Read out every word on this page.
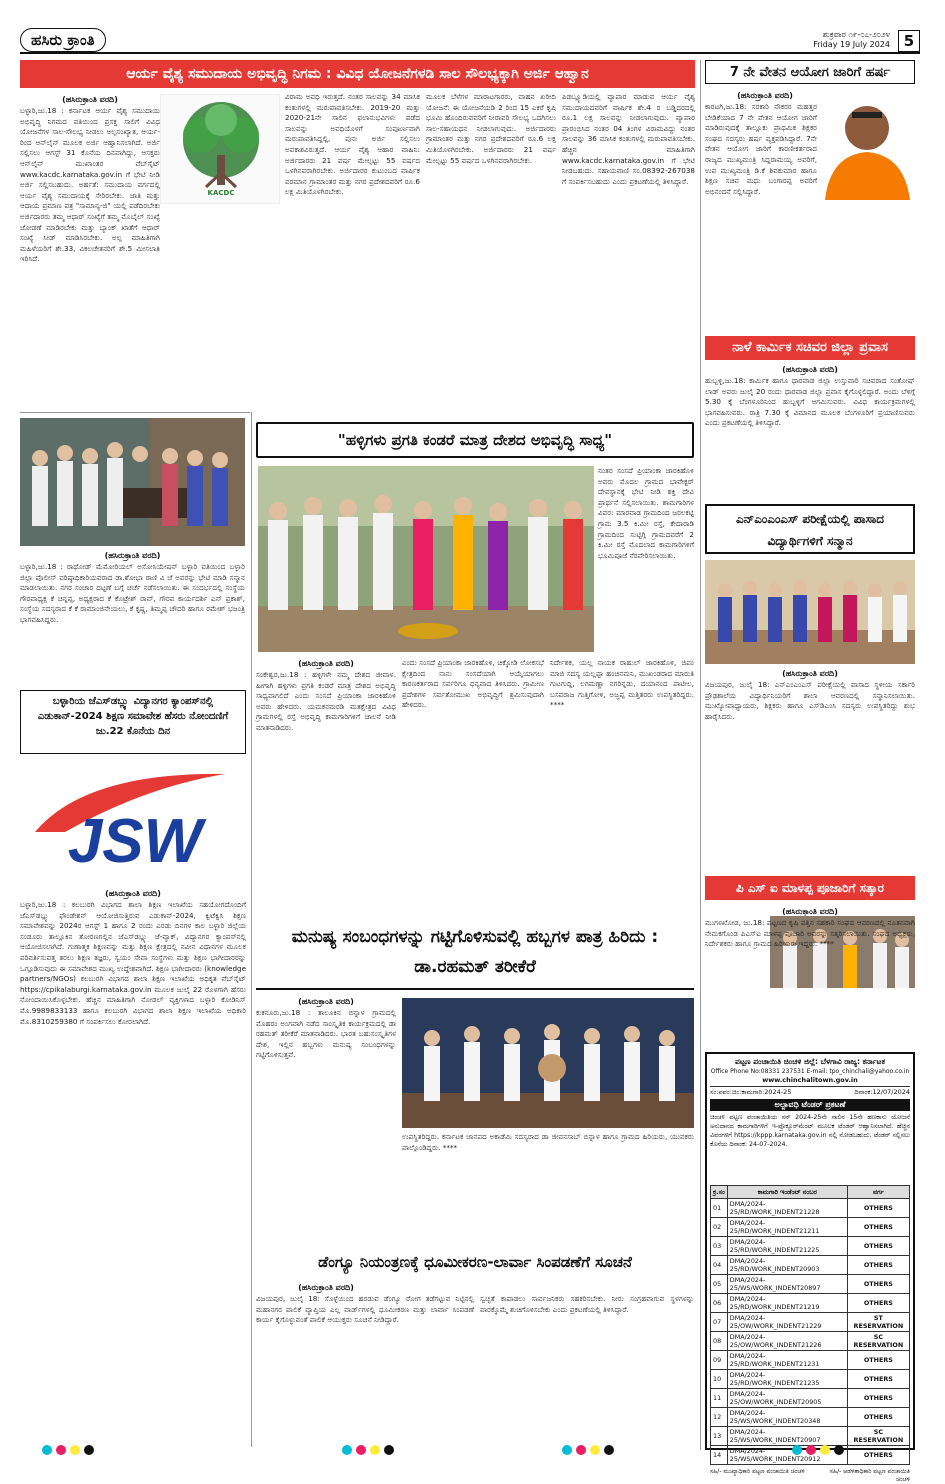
ಹಸಿರು ಕ್ರಾಂತಿ	ಶುಕ್ರವಾರ ೧೯-೦೭-೨೦೨೪
Friday 19 July 2024 5
ಆರ್ಯ ವೈಶ್ಯ ಸಮುದಾಯ ಅಭಿವೃದ್ಧಿ ನಿಗಮ : ವಿವಿಧ ಯೋಜನೆಗಳಡಿ ಸಾಲ ಸೌಲಭ್ಯಕ್ಕಾಗಿ ಅರ್ಜಿ ಆಹ್ವಾನ
(ಹಸಿರುಕ್ರಾಂತಿ ವರದಿ)
ಬಳ್ಳಾರಿ,ಜು.18 : ಕರ್ನಾಟಕ ಆರ್ಯ ವೈಶ್ಯ ಸಮುದಾಯ ಅಭಿವೃದ್ಧಿ ನಿಗಮದ ವತಿಯಿಂದ ಪ್ರಸಕ್ತ ಸಾಲಿಗೆ ವಿವಿಧ ಯೋಜನೆಗಳ ಸಾಲ-ಸೌಲಭ್ಯ ನೀಡಲು ಅಲ್ಪಸಂಖ್ಯಾತ, ಆರ್ಯ-ರಿಂದ ಆನ್‌ಲೈನ್ ಮೂಲಕ ಅರ್ಜಿ ಆಹ್ವಾನಿಸಲಾಗಿದೆ. ಅರ್ಜಿ ಸಲ್ಲಿಸಲು ಆಗಸ್ಟ್ 31 ಕೊನೆಯ ದಿನವಾಗಿದ್ದು, ಆಸಕ್ತರು ಆನ್‌ಲೈನ್ ಮುಖಾಂತರ ವೆಬ್‌ಸೈಟ್ www.kacdc.karnataka.gov.in ಗೆ ಭೇಟಿ ನೀಡಿ ಅರ್ಜಿ ಸಲ್ಲಿಸಬಹುದು. ಅರ್ಹತೆ: ಸಮುದಾಯ ವರ್ಗದಲ್ಲಿ ಆರ್ಯ ವೈಶ್ಯ ಸಮುದಾಯಕ್ಕೆ ಸೇರಿರಬೇಕು. ಜಾತಿ ಮತ್ತು ಆದಾಯ ಪ್ರಮಾಣ ಪತ್ರ "ಸಾಮಾನ್ಯ-ಜಿ" ಯಲ್ಲಿ ಪಡೆದಿರಬೇಕು ಅರ್ಜಿದಾರರು ತಮ್ಮ ಆಧಾರ್ ಸಂಖ್ಯೆಗೆ ತಮ್ಮ ಮೊಬೈಲ್ ಸಂಖ್ಯೆ ಜೋಡಣೆ ಮಾಡಿರಬೇಕು ಮತ್ತು ಬ್ಯಾಂಕ್ ಖಾತೆಗೆ ಆಧಾರ್ ಸಂಖ್ಯೆ ಸೀಡ್ ಮಾಡಿಸಿರಬೇಕು. ಅಲ್ಪ ಮಾಹಿತಿಗಾಗಿ ಮಹಿಳೆಯರಿಗೆ ಶೇ.33, ವಿಕಲಚೇತನರಿಗೆ ಶೇ.5 ಮೀಸಲಾತಿ ಇರಿಸಿದೆ.
KACDC
ವಿರಾಮ ಅವಧಿ ಇರುತ್ತದೆ. ನಂತರ ಸಾಲವನ್ನು 34 ಮಾಸಿಕ ಕಂತುಗಳಲ್ಲಿ ಮರುಪಾವತಿಸಬೇಕು. 2019-20 ಮತ್ತು 2020-21ನೇ ಸಾಲಿನ ಫಲಾನುಭವಿಗಳು ಪಡೆದ ಸಾಲವನ್ನು ಅವಧಿಯೊಳಗೆ ಸಂಪೂರ್ಣವಾಗಿ ಮರುಪಾವತಿಸಿದ್ದಲ್ಲಿ, ಪುನಃ ಅರ್ಜಿ ಸಲ್ಲಿಸಲು ಅವಕಾಶವಿರುತ್ತದೆ. ಆರ್ಯ ವೈಶ್ಯ ಆಹಾರ ವಾಹಿನಿ: ಅರ್ಜಿದಾರರು 21 ವರ್ಷ ಮೇಲ್ಪಟ್ಟು 55 ವರ್ಷದ ಒಳಗಿನವರಾಗಿರಬೇಕು. ಅರ್ಜಿದಾರರ ಕುಟುಂಬದ ವಾರ್ಷಿಕ ವರಮಾನ ಗ್ರಾಮಾಂತರ ಮತ್ತು ನಗರ ಪ್ರದೇಶದವರಿಗೆ ರೂ.6 ಲಕ್ಷ ಮಿತಿಯೊಳಗಿರಬೇಕು.
ಮೂಲಕ ಬೆಳೆಗಳ ಮಾರಾಟಗಾರರು, ವಾಹನ ಖರೀದಿ ಯೋಜನೆ: ಈ ಯೋಜನೆಯಡಿ 2 ರಿಂದ 15 ಎಕರೆ ಕೃಷಿ ಭೂಮಿ ಹೊಂದಿರುವವರಿಗೆ ನೀರಾವರಿ ಸೌಲಭ್ಯ ಒದಗಿಸಲು ಸಾಲ-ಸಹಾಯಧನ ನೀಡಲಾಗುವುದು. ಅರ್ಜಿದಾರರು ಗ್ರಾಮಾಂತರ ಮತ್ತು ನಗರ ಪ್ರದೇಶದವರಿಗೆ ರೂ.6 ಲಕ್ಷ ಮಿತಿಯೊಳಗಿರಬೇಕು. ಅರ್ಜಿದಾರರು 21 ವರ್ಷ ಮೇಲ್ಪಟ್ಟು 55 ವರ್ಷದ ಒಳಗಿನವರಾಗಿರಬೇಕು.
ಪಿಡಬ್ಲ್ಯೂಡಿಯಲ್ಲಿ ವ್ಯಾಪಾರ ಮಾಡುವ ಆರ್ಯ ವೈಶ್ಯ ಸಮುದಾಯದವರಿಗೆ ವಾರ್ಷಿಕ ಶೇ.4 ರ ಬಡ್ಡಿದರದಲ್ಲಿ ರೂ.1 ಲಕ್ಷ ಸಾಲವನ್ನು ನೀಡಲಾಗುವುದು. ವ್ಯಾಪಾರ ಪ್ರಾರಂಭಿಸಿದ ನಂತರ 04 ತಿಂಗಳ ವಿರಾಮವಿದ್ದು ನಂತರ ಸಾಲವನ್ನು 36 ಮಾಸಿಕ ಕಂತುಗಳಲ್ಲಿ ಮರುಪಾವತಿಸಬೇಕು. ಹೆಚ್ಚಿನ ಮಾಹಿತಿಗಾಗಿ www.kacdc.karnataka.gov.in ಗೆ ಭೇಟಿ ನೀಡಬಹುದು. ಸಹಾಯವಾಣಿ ಸಂ.08392-267038 ಗೆ ಸಂಪರ್ಕಿಸಬಹುದು ಎಂದು ಪ್ರಕಟಣೆಯಲ್ಲಿ ತಿಳಿಸಿದ್ದಾರೆ.
(ಹಸಿರುಕ್ರಾಂತಿ ವರದಿ)
ಬಳ್ಳಾರಿ,ಜು.18 : ರಾಥೋಡ್ ಮೆಮೋರಿಯಲ್ ಅಸೋಸಿಯೇಷನ್ ಬಳ್ಳಾರಿ ವತಿಯಿಂದ ಬಳ್ಳಾರಿ ಜಿಲ್ಲಾ ಪೊಲೀಸ್ ವರಿಷ್ಠಾಧಿಕಾರಿಯವರಾದ ಡಾ.ಶೋಭಾ ರಾಣಿ ವಿ ಜೆ ಅವರನ್ನು ಭೇಟಿ ಮಾಡಿ ಸನ್ಮಾನ ಮಾಡಲಾಯಿತು. ನಗರ ಸಂಚಾರ ದಟ್ಟಣೆ ಬಗ್ಗೆ ಚರ್ಚೆ ನಡೆಸಲಾಯಿತು. ಈ ಸಂದರ್ಭದಲ್ಲಿ ಸಂಸ್ಥೆಯ ಗೌರವಾಧ್ಯಕ್ಷ ಕೆ ಚನ್ನಪ್ಪ, ಅಧ್ಯಕ್ಷರಾದ ಕೆ ಕೊಟ್ರೇಶ್ ರಾವ್, ಗೌರವ ಕಾರ್ಯದರ್ಶಿ ಎನ್ ಪ್ರಕಾಶ್, ಸಂಸ್ಥೆಯ ಸದಸ್ಯರಾದ ಕೆ ಕೆ ರಾಮಾಂಜಿನೇಯಲು, ಕೆ ಕೃಷ್ಣ, ತಿಮ್ಮಪ್ಪ ಚೌದರಿ ಹಾಗೂ ರಮೇಶ್ ಭಜಂತ್ರಿ ಭಾಗವಹಿಸಿದ್ದರು.
ಬಳ್ಳಾರಿಯ ಜೆಎಸ್‌ಡಬ್ಲ್ಯು ವಿದ್ಯಾನಗರ ಕ್ಯಾಂಪಸ್‌ನಲ್ಲಿ ಎಡುಕಾನ್-2024 ಶಿಕ್ಷಣ ಸಮಾವೇಶ ಹೆಸರು ನೋಂದಣಿಗೆ ಜು.22 ಕೊನೆಯ ದಿನ
JSW
(ಹಸಿರುಕ್ರಾಂತಿ ವರದಿ)
ಬಳ್ಳಾರಿ,ಜು.18 : ಕಲಬುರಗಿ ವಿಭಾಗದ ಶಾಲಾ ಶಿಕ್ಷಣ ಇಲಾಖೆಯ ಸಹಯೋಗದೊಂದಿಗೆ ಜೆಎಸ್‌ಡಬ್ಲ್ಯು ಫೌಂಡೇಶನ್ ಆಯೋಜಿಸುತ್ತಿರುವ ಎಡುಕಾನ್-2024, ಕ್ವಿಟೆಕ್ವಿಸಿ ಶಿಕ್ಷಣ ಸಮಾವೇಶವನ್ನು 2024ರ ಆಗಸ್ಟ್ 1 ಹಾಗೂ 2 ರಂದು ಎರಡು ದಿನಗಳ ಕಾಲ ಬಳ್ಳಾರಿ ಜಿಲ್ಲೆಯ ಸಂಡೂರು ತಾಲ್ಲೂಕಿನ ತೋರಣಗಲ್ಲಿನ ಜೆಎಸ್‌ಡಬ್ಲ್ಯು ಜೆ-ವ್ಯಾಕ್, ವಿದ್ಯಾನಗರ ಕ್ಯಾಂಪಸ್‌ನಲ್ಲಿ ಆಯೋಜಿಸಲಾಗಿದೆ. ಗುಣಾತ್ಮಕ ಶಿಕ್ಷಣವನ್ನು ಮತ್ತು ಶಿಕ್ಷಣ ಕ್ಷೇತ್ರದಲ್ಲಿ ನವೀನ ವಿಧಾನಗಳ ಮೂಲಕ ಪರಿವರ್ತಿಸುವತ್ತ ತರಲು ಶಿಕ್ಷಣ ತಜ್ಞರು, ಸ್ವಯಂ ಸೇವಾ ಸಂಸ್ಥೆಗಳು ಮತ್ತು ಶಿಕ್ಷಣ ಭಾಗೀದಾರರನ್ನು ಒಗ್ಗೂಡಿಸುವುದು ಈ ಸಮಾವೇಶದ ಮುಖ್ಯ ಉದ್ದೇಶವಾಗಿದೆ. ಶಿಕ್ಷಣ ಭಾಗೀದಾರರು (knowledge partners/NGOs) ಕಲಬುರಗಿ ವಿಭಾಗದ ಶಾಲಾ ಶಿಕ್ಷಣ ಇಲಾಖೆಯ ಅಧಿಕೃತ ವೆಬ್‌ಸೈಟ್ https://cpikalaburgi.karnataka.gov.in ಮೂಲಕ ಜುಲೈ 22 ರೊಳಗಾಗಿ ಹೆಸರು ನೋಂದಾಯಿಸಿಕೊಳ್ಳಬೇಕು. ಹೆಚ್ಚಿನ ಮಾಹಿತಿಗಾಗಿ ನೋಡಲ್ ವ್ಯಕ್ತಿಗಳಾದ ಬಳ್ಳಾರಿ ಕೋಡಿನಿಸ್ ಮೊ.9989833133 ಹಾಗೂ ಕಲಬುರಗಿ ವಿಭಾಗದ ಶಾಲಾ ಶಿಕ್ಷಣ ಇಲಾಖೆಯ ಅಧಿಕಾರಿ ಮೊ.8310259380 ಗೆ ಸಂಪರ್ಕಿಸಲು ಕೋರಲಾಗಿದೆ.
"ಹಳ್ಳಿಗಳು ಪ್ರಗತಿ ಕಂಡರೆ ಮಾತ್ರ ದೇಶದ ಅಭಿವೃದ್ಧಿ ಸಾಧ್ಯ"
ನಂತರ ಸಂಸದೆ ಪ್ರಿಯಾಂಕಾ ಜಾರಕಿಹೊಳಿ ಅವರು ಮೊದಲ ಗ್ರಾಮದ ಭಾವೇಕ್ಟರ್ ದೇವಸ್ಥಾನಕ್ಕೆ ಭೇಟಿ ನೀಡಿ ಶಕ್ತಿ ದೇವಿ ಪ್ರಾರ್ಥನೆ ಸಲ್ಲಿಸಲಾಯಿತು. ಶಾಮಗಾರಿಗಳ ವಿವರ: ಮಾರವಾಡ ಗ್ರಾಮದಿಂದ ಜರಲಕಟ್ಟಿ ಗ್ರಾಮ 3.5 ಕಿ.ಮೀ ರಸ್ತೆ, ಕೇದಾರಾಡಿ ಗ್ರಾಮದಿಂದ ಸುಟ್ಟಿಗ್ಗಿ ಗ್ರಾಮದವರೆಗೆ 2 ಕಿ.ಮೀ ರಸ್ತೆ ಮೊದಲಾದ ಕಾಮಗಾರಿಗಳಿಗೆ ಭೂಮಿಪೂಜೆ ನೆರವೇರಿಸಲಾಯಿತು.
(ಹಸಿರುಕ್ರಾಂತಿ ವರದಿ)
ಸಂಕೇಶ್ವರ,ಜು.18 : ಹಳ್ಳಿಗಳೇ ನಮ್ಮ ದೇಶದ ಜೀವಾಳ. ಹೀಗಾಗಿ ಹಳ್ಳಿಗಳು ಪ್ರಗತಿ ಕಂಡರೆ ಮಾತ್ರ ದೇಶದ ಅಭಿವೃದ್ಧಿ ಸಾಧ್ಯವಾಗಲಿದೆ ಎಂದು ಸಂಸದೆ ಪ್ರಿಯಾಂಕಾ ಜಾರಕಿಹೊಳಿ ಅವರು ಹೇಳಿದರು. ಯಮಕನಮರಡಿ ಮತಕ್ಷೇತ್ರದ ವಿವಿಧ ಗ್ರಾಮಗಳಲ್ಲಿ ರಸ್ತೆ ಅಭಿವೃದ್ಧಿ ಕಾಮಗಾರಿಗಳಿಗೆ ಚಾಲನೆ ನೀಡಿ ಮಾತನಾಡಿದರು.
ಎಂದು ಸಂಸದೆ ಪ್ರಿಯಾಂಕಾ ಜಾರಕಿಹೊಳಿ, ಚಿಕ್ಕೋಡಿ ಲೋಕಸಭೆ ಕ್ಷೇತ್ರದಿಂದ ನಾನು ಸಂಸದೆಯಾಗಿ ಆಯ್ಕೆಯಾಗಲು ಕಾರಣಕರ್ತರಾದ ಸರ್ವರಿಗೂ ಧನ್ಯವಾದ ತಿಳಿಸಿದರು. ಗ್ರಾಮೀಣ ಪ್ರದೇಶಗಳ ಸರ್ವತೋಮುಖ ಅಭಿವೃದ್ಧಿಗೆ ಶ್ರಮಿಸುವುದಾಗಿ ಹೇಳಿದರು.
ನಿರ್ದೇಶಕ, ಯಲ್ಲ ನಾಯಕ ರಾಹುಲ್ ಜಾರಕಿಹೊಳಿ, ಜಿಪಂ ಮಾಜಿ ಸದಸ್ಯ ಯಲ್ಲಪ್ಪಾ ಹಂಚಿನಮನಿ, ಮುಖಂಡರಾದ ಮಾರುತಿ ಗುಟಗುದ್ದಿ, ಲಗಮಣ್ಣಾ ನಗರಿನ್ನಡು, ದಯಾನಂದ ಪಾಟೀಲ, ಬಸವರಾಜ ಗುತ್ತಿಗೋಳಿ, ಅಜ್ಜಪ್ಪ ಮತ್ತಿತರರು ಉಪಸ್ಥಿತರಿದ್ದರು. ****
ಮನುಷ್ಯ ಸಂಬಂಧಗಳನ್ನು ಗಟ್ಟಿಗೊಳಿಸುವಲ್ಲಿ ಹಬ್ಬಗಳ ಪಾತ್ರ ಹಿರಿದು : ಡಾ.ರಹಮತ್ ತರೀಕೆರೆ
(ಹಸಿರುಕ್ರಾಂತಿ ವರದಿ)
ಕುಕನೂರು,ಜು.18 : ತಾಲೂಕಿನ ಬಿನ್ನಾಳ ಗ್ರಾಮದಲ್ಲಿ ಮೊಹರಂ ಅಂಗವಾಗಿ ನಡೆದ ಸಾಂಸ್ಕೃತಿಕ ಕಾರ್ಯಕ್ರಮದಲ್ಲಿ ಡಾ ರಹಮತ್ ತರೀಕೆರೆ ಮಾತನಾಡಿದರು. ಭಾರತ ಬಹುಸಂಸ್ಕೃತಿಗಳ ದೇಶ, ಇಲ್ಲಿನ ಹಬ್ಬಗಳು ಮನುಷ್ಯ ಸಂಬಂಧಗಳನ್ನು ಗಟ್ಟಿಗೊಳಿಸುತ್ತವೆ.
ಉಪಸ್ಥಿತರಿದ್ದರು. ಕರ್ನಾಟಕ ಜಾನಪದ ಅಕಾಡೆಮಿ ಸದಸ್ಯರಾದ ಡಾ ಜೀವನಸಾಬ್ ಬಿನ್ನಾಳ ಹಾಗೂ ಗ್ರಾಮದ ಹಿರಿಯರು, ಯುವಕರು ಪಾಲ್ಗೊಂಡಿದ್ದರು. ****
ಡೆಂಗ್ಯೂ ನಿಯಂತ್ರಣಕ್ಕೆ ಧೂಮೀಕರಣ-ಲಾರ್ವಾ ಸಿಂಪಡಣೆಗೆ ಸೂಚನೆ
(ಹಸಿರುಕ್ರಾಂತಿ ವರದಿ)
ವಿಜಯಪುರ, ಜುಲೈ 18: ಸೊಳ್ಳೆಯಿಂದ ಹರಡುವ ಡೆಂಗ್ಯೂ ರೋಗ ತಡೆಗಟ್ಟುವ ನಿಟ್ಟಿನಲ್ಲಿ ಮಹಾನಗರ ಪಾಲಿಕೆ ವ್ಯಾಪ್ತಿಯ ಎಲ್ಲ ವಾರ್ಡ್‌ಗಳಲ್ಲಿ ಧೂಮೀಕರಣ ಮತ್ತು ಲಾರ್ವಾ ಸಿಂಪಡಣೆ ಕಾರ್ಯ ಕೈಗೊಳ್ಳುವಂತೆ ಪಾಲಿಕೆ ಆಯುಕ್ತರು ಸೂಚನೆ ನೀಡಿದ್ದಾರೆ.
ಸ್ವಚ್ಛತೆ ಕಾಪಾಡಲು ಸಾರ್ವಜನಿಕರು ಸಹಕರಿಸಬೇಕು. ನೀರು ಸಂಗ್ರಹವಾಗುವ ಸ್ಥಳಗಳನ್ನು ವಾರಕ್ಕೊಮ್ಮೆ ಶುಚಿಗೊಳಿಸಬೇಕು ಎಂದು ಪ್ರಕಟಣೆಯಲ್ಲಿ ತಿಳಿಸಿದ್ದಾರೆ.
7 ನೇ ವೇತನ ಆಯೋಗ ಜಾರಿಗೆ ಹರ್ಷ
(ಹಸಿರುಕ್ರಾಂತಿ ವರದಿ)
ಕಾರಟಗಿ,ಜು.18: ಸರಕಾರಿ ನೌಕರರ ಮಹತ್ತರ ಬೇಡಿಕೆಯಾದ 7 ನೇ ವೇತನ ಆಯೋಗ ಜಾರಿಗೆ ಮಾಡಿರುವುದಕ್ಕೆ ತಾಲ್ಲೂಕು ಪ್ರಾಥಮಿಕ ಶಿಕ್ಷಕರ ಸಂಘದ ಸದಸ್ಯರು ಹರ್ಷ ವ್ಯಕ್ತಪಡಿಸಿದ್ದಾರೆ. 7ನೇ ವೇತನ ಆಯೋಗ ಜಾರಿಗೆ ಕಾರಣೀಕರ್ತರಾದ ರಾಜ್ಯದ ಮುಖ್ಯಮಂತ್ರಿ ಸಿದ್ದರಾಮಯ್ಯ ಅವರಿಗೆ, ಉಪ ಮುಖ್ಯಮಂತ್ರಿ ಡಿ.ಕೆ ಶಿವಕುಮಾರ ಹಾಗೂ ಶಿಕ್ಷಣ ಸಚಿವ ಮಧು ಬಂಗಾರಪ್ಪ ಅವರಿಗೆ ಅಭಿನಂದನೆ ಸಲ್ಲಿಸಿದ್ದಾರೆ.
ನಾಳೆ ಕಾರ್ಮಿಕ ಸಚಿವರ ಜಿಲ್ಲಾ ಪ್ರವಾಸ
(ಹಸಿರುಕ್ರಾಂತಿ ವರದಿ)
ಹುಬ್ಬಳ್ಳಿ,ಜು.18: ಕಾರ್ಮಿಕ ಹಾಗೂ ಧಾರವಾಡ ಜಿಲ್ಲಾ ಉಸ್ತುವಾರಿ ಸಚಿವರಾದ ಸಂತೋಷ್ ಲಾಡ್ ಅವರು ಜುಲೈ 20 ರಂದು ಧಾರವಾಡ ಜಿಲ್ಲಾ ಪ್ರವಾಸ ಕೈಗೊಳ್ಳಲಿದ್ದಾರೆ. ಅಂದು ಬೆಳಿಗ್ಗೆ 5.30 ಕ್ಕೆ ಬೆಂಗಳೂರಿನಿಂದ ಹುಬ್ಬಳ್ಳಿಗೆ ಆಗಮಿಸುವರು. ವಿವಿಧ ಕಾರ್ಯಕ್ರಮಗಳಲ್ಲಿ ಭಾಗವಹಿಸುವರು. ರಾತ್ರಿ 7.30 ಕ್ಕೆ ವಿಮಾನದ ಮೂಲಕ ಬೆಂಗಳೂರಿಗೆ ಪ್ರಯಾಣಿಸುವರು ಎಂದು ಪ್ರಕಟಣೆಯಲ್ಲಿ ತಿಳಿಸಿದ್ದಾರೆ.
ಎನ್‌ಎಂಎಂಎಸ್ ಪರೀಕ್ಷೆಯಲ್ಲಿ ಪಾಸಾದ ವಿದ್ಯಾರ್ಥಿಗಳಿಗೆ ಸನ್ಮಾನ
(ಹಸಿರುಕ್ರಾಂತಿ ವರದಿ)
ವಿಜಯಪುರ, ಜುಲೈ 18: ಎನ್‌ಎಂಎಂಎಸ್ ಪರೀಕ್ಷೆಯಲ್ಲಿ ಪಾಸಾದ ಸ್ಥಳೀಯ ಸರ್ಕಾರಿ ಪ್ರೌಢಶಾಲೆಯ ವಿದ್ಯಾರ್ಥಿನಿಯರಿಗೆ ಶಾಲಾ ಆವರಣದಲ್ಲಿ ಸನ್ಮಾನಿಸಲಾಯಿತು. ಮುಖ್ಯೋಪಾಧ್ಯಾಯರು, ಶಿಕ್ಷಕರು ಹಾಗೂ ಎಸ್‌ಡಿಎಂಸಿ ಸದಸ್ಯರು ಉಪಸ್ಥಿತರಿದ್ದು ಶುಭ ಹಾರೈಸಿದರು.
ಪಿ ಎಸ್ ಐ ಮಾಳಪ್ಪ ಪೂಜಾರಿಗೆ ಸತ್ಕಾರ
(ಹಸಿರುಕ್ರಾಂತಿ ವರದಿ)
ಮುಗಳಖೋಡ, ಜು.18: ಪಟ್ಟಣದ ಕೃಷಿ ಪತ್ತಿನ ಸಹಕಾರಿ ಸಂಘದ ಆವರಣದಲ್ಲಿ ನೂತನವಾಗಿ ನೇಮಕಗೊಂಡ ಪಿಎಸ್‌ಐ ಮಾಳಪ್ಪ ಪೂಜಾರಿ ಅವರನ್ನು ಸತ್ಕರಿಸಲಾಯಿತು. ಸಂಘದ ಅಧ್ಯಕ್ಷರು, ನಿರ್ದೇಶಕರು ಹಾಗೂ ಗ್ರಾಮದ ಹಿರಿಯರು ಇದ್ದರು. ****
ಪಟ್ಟಣ ಪಂಚಾಯಿತಿ ಚಿಂಚಳಿ ಜಿಲ್ಲೆ: ಬೆಳಗಾವಿ ರಾಜ್ಯ: ಕರ್ನಾಟಕ
Office Phone No:08331 237531 E-mail: tpo_chinchali@yahoo.co.in
www.chinchalitown.gov.in
ಸಂ:ಪಪಂ:ಚಿಂ:ಕಾಮಗಾರಿ:2024-25	ದಿನಾಂಕ:12/07/2024
ಅಲ್ಪಾವಧಿ ಟೆಂಡರ್ ಪ್ರಕಟಣೆ
ಚಿಂಚಳಿ ಪಟ್ಟಣ ಪಂಚಾಯಿತಿಯ ಸನ್ 2024-25ನೇ ಸಾಲಿನ 15ನೇ ಹಣಕಾಸು ಯೋಜನೆ ಅನುದಾನದ ಕಾಮಗಾರಿಗಳಿಗೆ ಇ-ಪ್ರೊಕ್ಯೂರ್‌ಮೆಂಟ್ ಮೂಲಕ ಟೆಂಡರ್ ಆಹ್ವಾನಿಸಲಾಗಿದೆ. ಹೆಚ್ಚಿನ ವಿವರಗಳಿಗೆ https://kppp.karnataka.gov.in ನಲ್ಲಿ ನೋಡಬಹುದು. ಟೆಂಡರ್ ಸಲ್ಲಿಸಲು ಕೊನೆಯ ದಿನಾಂಕ: 24-07-2024.
ಕ್ರ.ಸಂ	ಕಾಮಗಾರಿ ಇಂಡೆಂಟ್ ನಂಬರ	ವರ್ಗ
01	DMA/2024-25/RD/WORK_INDENT21228	OTHERS
02	DMA/2024-25/RD/WORK_INDENT21211	OTHERS
03	DMA/2024-25/RD/WORK_INDENT21225	OTHERS
04	DMA/2024-25/RD/WORK_INDENT20903	OTHERS
05	DMA/2024-25/WS/WORK_INDENT20897	OTHERS
06	DMA/2024-25/RD/WORK_INDENT21219	OTHERS
07	DMA/2024-25/OW/WORK_INDENT21229	ST RESERVATION
08	DMA/2024-25/OW/WORK_INDENT21226	SC RESERVATION
09	DMA/2024-25/RD/WORK_INDENT21231	OTHERS
10	DMA/2024-25/RD/WORK_INDENT21235	OTHERS
11	DMA/2024-25/OW/WORK_INDENT20905	OTHERS
12	DMA/2024-25/WS/WORK_INDENT20348	OTHERS
13	DMA/2024-25/WS/WORK_INDENT20907	SC RESERVATION
14	DMA/2024-25/WS/WORK_INDENT20912	OTHERS
ಸಹಿ/- ಮುಖ್ಯಾಧಿಕಾರಿ ಪಟ್ಟಣ ಪಂಚಾಯಿತಿ ಚಿಂಚಳಿ	ಸಹಿ/- ಆಡಳಿತಾಧಿಕಾರಿ ಪಟ್ಟಣ ಪಂಚಾಯಿತಿ ಚಿಂಚಳಿ
